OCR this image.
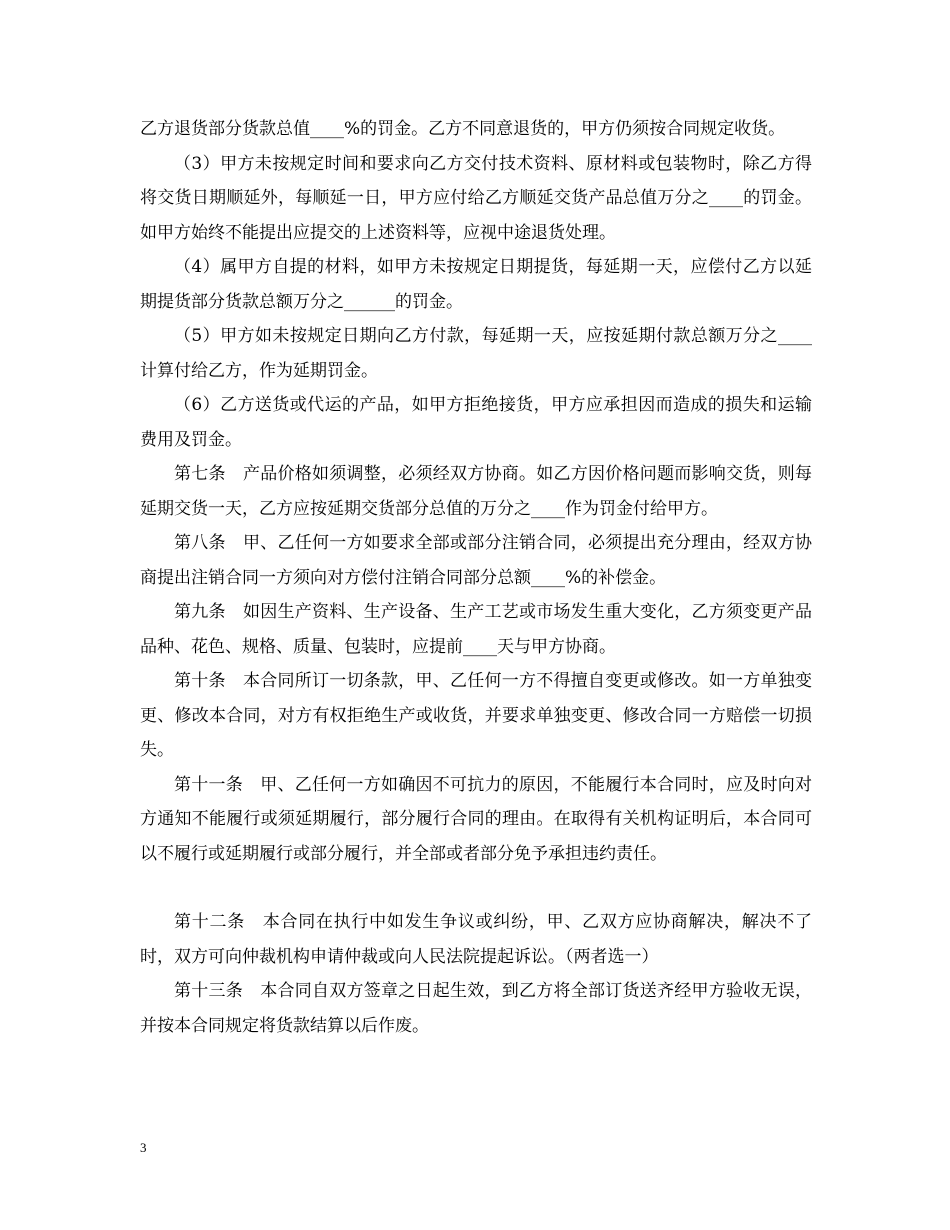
乙方退货部分货款总值____%的罚金。乙方不同意退货的，甲方仍须按合同规定收货。

（3）甲方未按规定时间和要求向乙方交付技术资料、原材料或包装物时，除乙方得将交货日期顺延外，每顺延一日，甲方应付给乙方顺延交货产品总值万分之____的罚金。如甲方始终不能提出应提交的上述资料等，应视中途退货处理。

（4）属甲方自提的材料，如甲方未按规定日期提货，每延期一天，应偿付乙方以延期提货部分货款总额万分之______的罚金。

（5）甲方如未按规定日期向乙方付款，每延期一天，应按延期付款总额万分之____计算付给乙方，作为延期罚金。

（6）乙方送货或代运的产品，如甲方拒绝接货，甲方应承担因而造成的损失和运输费用及罚金。

第七条　产品价格如须调整，必须经双方协商。如乙方因价格问题而影响交货，则每延期交货一天，乙方应按延期交货部分总值的万分之____作为罚金付给甲方。

第八条　甲、乙任何一方如要求全部或部分注销合同，必须提出充分理由，经双方协商提出注销合同一方须向对方偿付注销合同部分总额____%的补偿金。

第九条　如因生产资料、生产设备、生产工艺或市场发生重大变化，乙方须变更产品品种、花色、规格、质量、包装时，应提前____天与甲方协商。

第十条　本合同所订一切条款，甲、乙任何一方不得擅自变更或修改。如一方单独变更、修改本合同，对方有权拒绝生产或收货，并要求单独变更、修改合同一方赔偿一切损失。

第十一条　甲、乙任何一方如确因不可抗力的原因，不能履行本合同时，应及时向对方通知不能履行或须延期履行，部分履行合同的理由。在取得有关机构证明后，本合同可以不履行或延期履行或部分履行，并全部或者部分免予承担违约责任。

第十二条　本合同在执行中如发生争议或纠纷，甲、乙双方应协商解决，解决不了时，双方可向仲裁机构申请仲裁或向人民法院提起诉讼。（两者选一）

第十三条　本合同自双方签章之日起生效，到乙方将全部订货送齐经甲方验收无误，并按本合同规定将货款结算以后作废。

3
